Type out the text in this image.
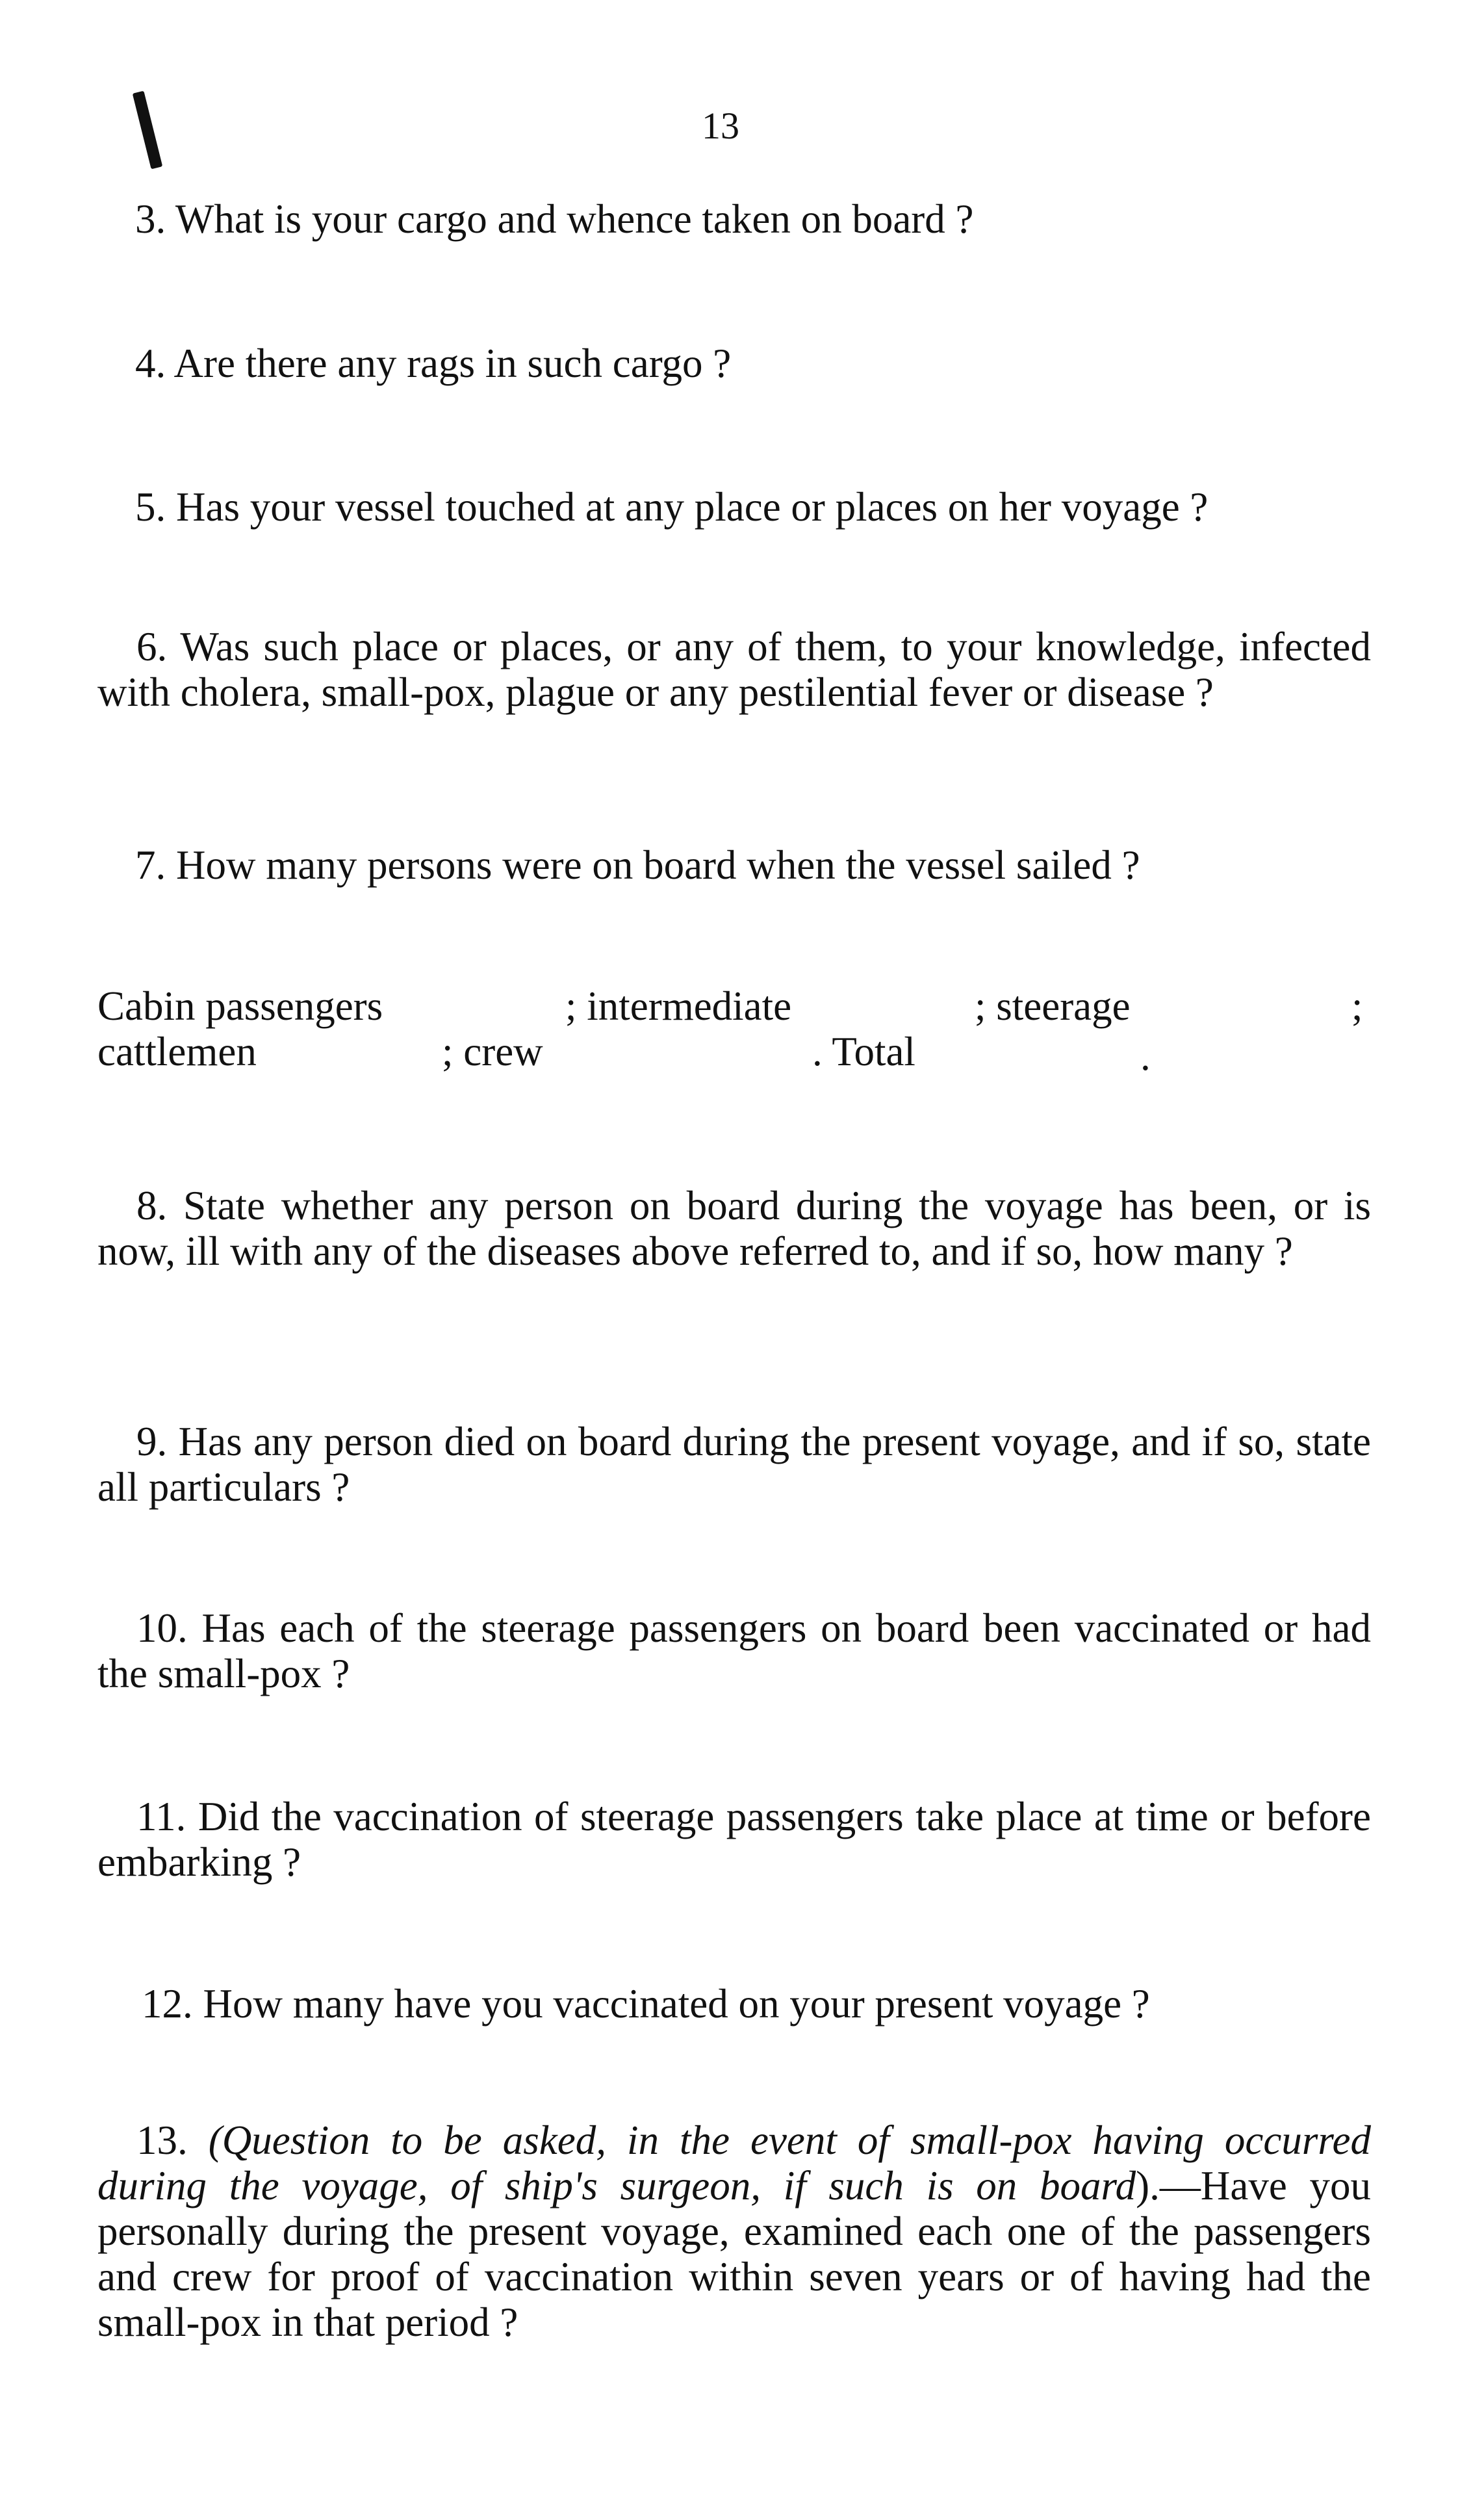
13
3. What is your cargo and whence taken on board ?
4. Are there any rags in such cargo ?
5. Has your vessel touched at any place or places on her voyage ?

6. Was such place or places, or any of them, to your knowledge, infected with cholera, small-pox, plague or any pestilential fever or disease ?

7. How many persons were on board when the vessel sailed ?
Cabin passengers	; intermediate	; steerage	;
cattlemen	; crew	. Total	.

8. State whether any person on board during the voyage has been, or is now, ill with any of the diseases above referred to, and if so, how many ?

9. Has any person died on board during the present voyage, and if so, state all particulars ?

10. Has each of the steerage passengers on board been vaccinated or had the small-pox ?

11. Did the vaccination of steerage passengers take place at time or before embarking ?

12. How many have you vaccinated on your present voyage ?

13. (Question to be asked, in the event of small-pox having occurred during the voyage, of ship's surgeon, if such is on board).—Have you personally during the present voyage, examined each one of the passengers and crew for proof of vaccination within seven years or of having had the small-pox in that period ?
